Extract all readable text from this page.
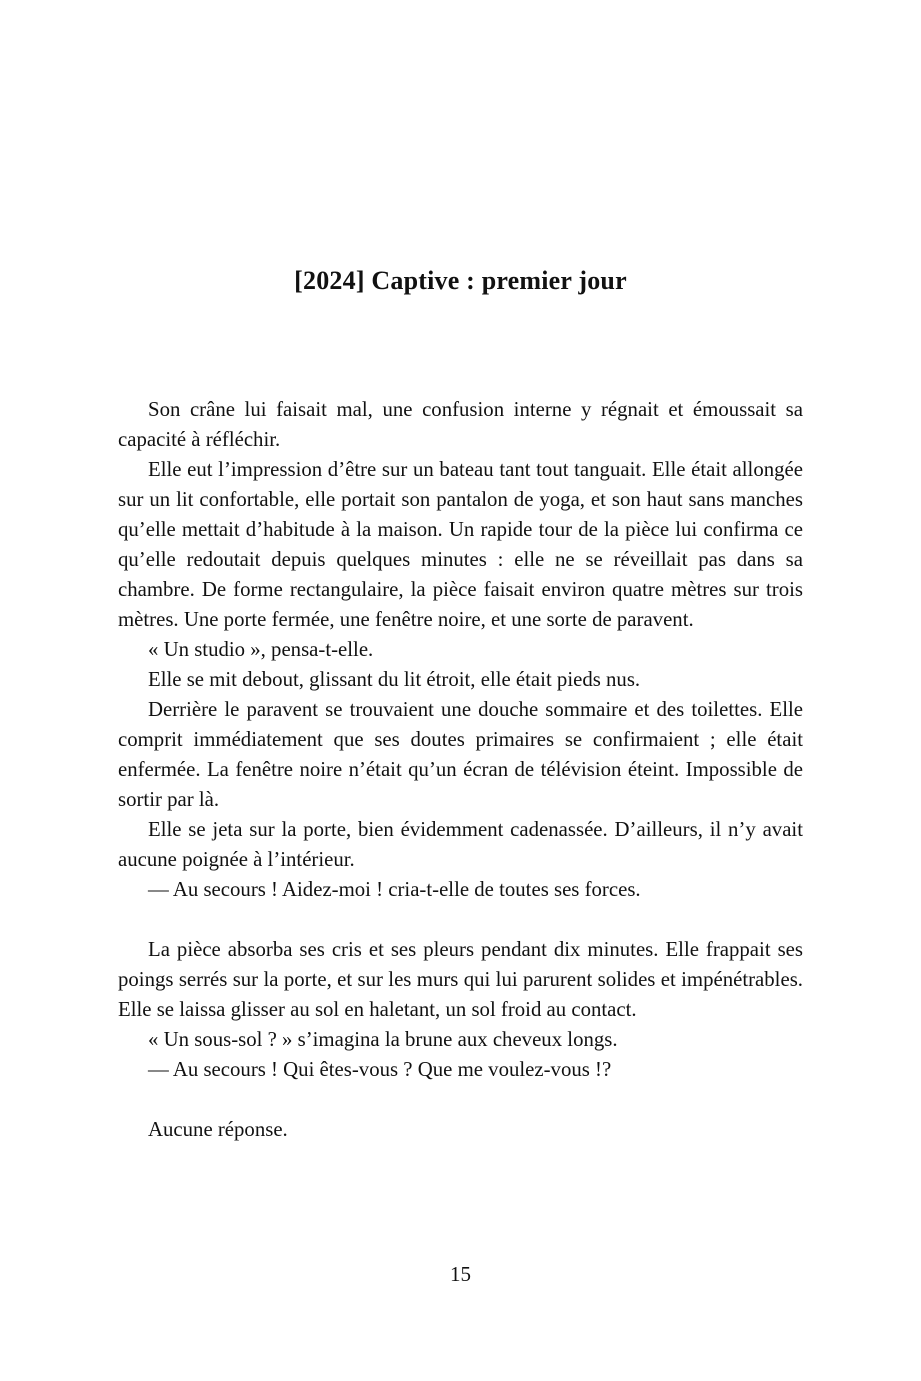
[2024] Captive : premier jour

Son crâne lui faisait mal, une confusion interne y régnait et émoussait sa capacité à réfléchir.

Elle eut l’impression d’être sur un bateau tant tout tanguait. Elle était allongée sur un lit confortable, elle portait son pantalon de yoga, et son haut sans manches qu’elle mettait d’habitude à la maison. Un rapide tour de la pièce lui confirma ce qu’elle redoutait depuis quelques minutes : elle ne se réveillait pas dans sa chambre. De forme rectangulaire, la pièce faisait environ quatre mètres sur trois mètres. Une porte fermée, une fenêtre noire, et une sorte de paravent.

« Un studio », pensa-t-elle.

Elle se mit debout, glissant du lit étroit, elle était pieds nus.

Derrière le paravent se trouvaient une douche sommaire et des toilettes. Elle comprit immédiatement que ses doutes primaires se confirmaient ; elle était enfermée. La fenêtre noire n’était qu’un écran de télévision éteint. Impossible de sortir par là.

Elle se jeta sur la porte, bien évidemment cadenassée. D’ailleurs, il n’y avait aucune poignée à l’intérieur.

— Au secours ! Aidez-moi ! cria-t-elle de toutes ses forces.

La pièce absorba ses cris et ses pleurs pendant dix minutes. Elle frappait ses poings serrés sur la porte, et sur les murs qui lui parurent solides et impénétrables. Elle se laissa glisser au sol en haletant, un sol froid au contact.

« Un sous-sol ? » s’imagina la brune aux cheveux longs.

— Au secours ! Qui êtes-vous ? Que me voulez-vous !?

Aucune réponse.

15
